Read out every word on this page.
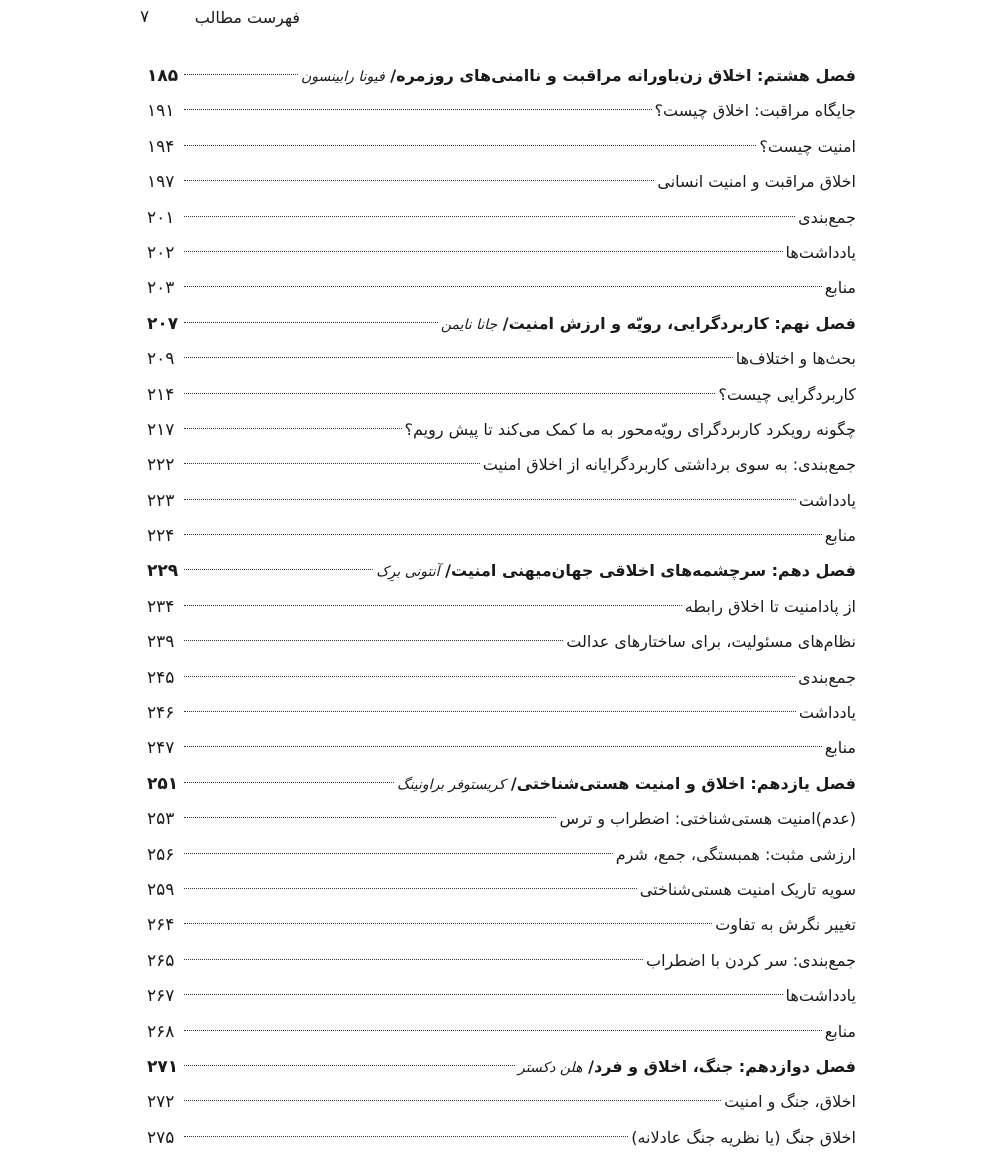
فهرست مطالب
۷
فصل هشتم: اخلاق زن‌باورانه مراقبت و ناامنی‌های روزمره/ فیونا رابینسون
۱۸۵
جایگاه مراقبت: اخلاق چیست؟
۱۹۱
امنیت چیست؟
۱۹۴
اخلاق مراقبت و امنیت انسانی
۱۹۷
جمع‌بندی
۲۰۱
یادداشت‌ها
۲۰۲
منابع
۲۰۳
فصل نهم: کاربردگرایی، رویّه و ارزش امنیت/ جانا نایمن
۲۰۷
بحث‌ها و اختلاف‌ها
۲۰۹
کاربردگرایی چیست؟
۲۱۴
چگونه رویکرد کاربردگرای رویّه‌محور به ما کمک می‌کند تا پیش رویم؟
۲۱۷
جمع‌بندی: به سوی برداشتی کاربردگرایانه از اخلاق امنیت
۲۲۲
یادداشت
۲۲۳
منابع
۲۲۴
فصل دهم: سرچشمه‌های اخلاقی جهان‌میهنی امنیت/ آنتونی برِک
۲۲۹
از پادامنیت تا اخلاق رابطه
۲۳۴
نظام‌های مسئولیت، برای ساختارهای عدالت
۲۳۹
جمع‌بندی
۲۴۵
یادداشت
۲۴۶
منابع
۲۴۷
فصل یازدهم: اخلاق و امنیت هستی‌شناختی/ کریستوفر براونینگ
۲۵۱
(عدم)امنیت هستی‌شناختی: اضطراب و ترس
۲۵۳
ارزشی مثبت: همبستگی، جمع، شرم
۲۵۶
سویه‌ تاریک امنیت هستی‌شناختی
۲۵۹
تغییر نگرش به تفاوت
۲۶۴
جمع‌بندی: سر کردن با اضطراب
۲۶۵
یادداشت‌ها
۲۶۷
منابع
۲۶۸
فصل دوازدهم: جنگ، اخلاق و فرد/ هلن دکستر
۲۷۱
اخلاق، جنگ و امنیت
۲۷۲
اخلاق جنگ (یا نظریه‌ جنگ عادلانه)
۲۷۵
